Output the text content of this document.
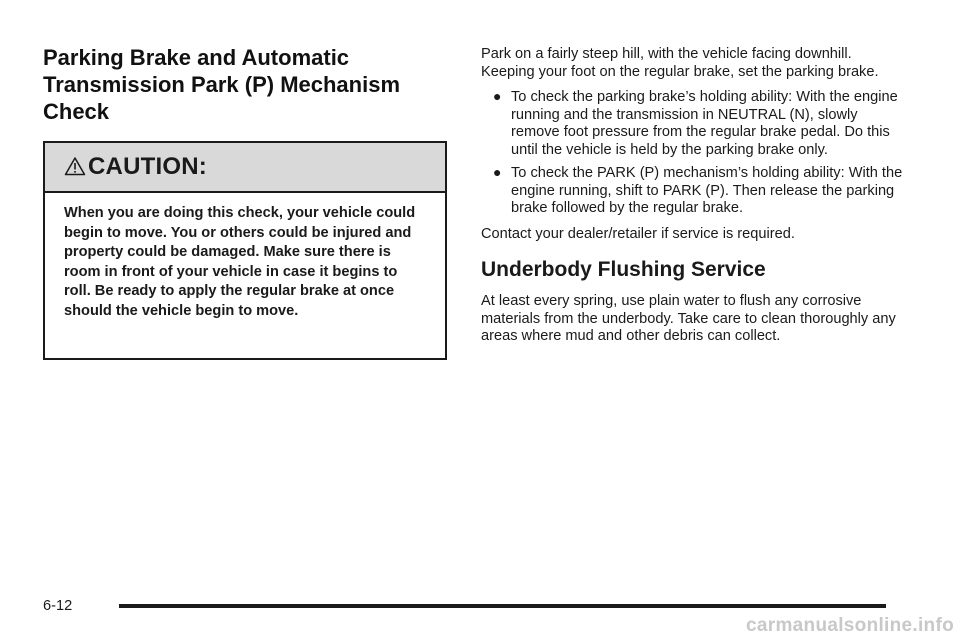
Parking Brake and Automatic Transmission Park (P) Mechanism Check
CAUTION:

When you are doing this check, your vehicle could begin to move. You or others could be injured and property could be damaged. Make sure there is room in front of your vehicle in case it begins to roll. Be ready to apply the regular brake at once should the vehicle begin to move.

Park on a fairly steep hill, with the vehicle facing downhill. Keeping your foot on the regular brake, set the parking brake.

● To check the parking brake’s holding ability: With the engine running and the transmission in NEUTRAL (N), slowly remove foot pressure from the regular brake pedal. Do this until the vehicle is held by the parking brake only.
● To check the PARK (P) mechanism’s holding ability: With the engine running, shift to PARK (P). Then release the parking brake followed by the regular brake.

Contact your dealer/retailer if service is required.

Underbody Flushing Service

At least every spring, use plain water to flush any corrosive materials from the underbody. Take care to clean thoroughly any areas where mud and other debris can collect.

6-12
carmanualsonline.info
